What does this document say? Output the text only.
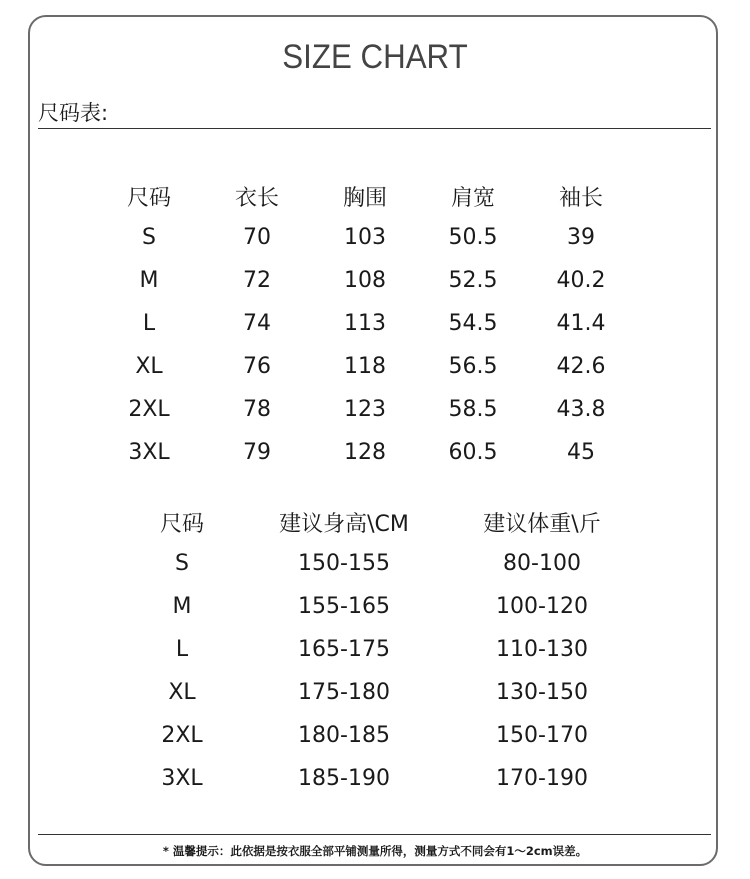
SIZE CHART
尺码表:
尺码	衣长	胸围	肩宽	袖长
S	70	103	50.5	39
M	72	108	52.5	40.2
L	74	113	54.5	41.4
XL	76	118	56.5	42.6
2XL	78	123	58.5	43.8
3XL	79	128	60.5	45
尺码	建议身高\CM	建议体重\斤
S	150-155	80-100
M	155-165	100-120
L	165-175	110-130
XL	175-180	130-150
2XL	180-185	150-170
3XL	185-190	170-190
* 温馨提示：此依据是按衣服全部平铺测量所得，测量方式不同会有1～2cm误差。
